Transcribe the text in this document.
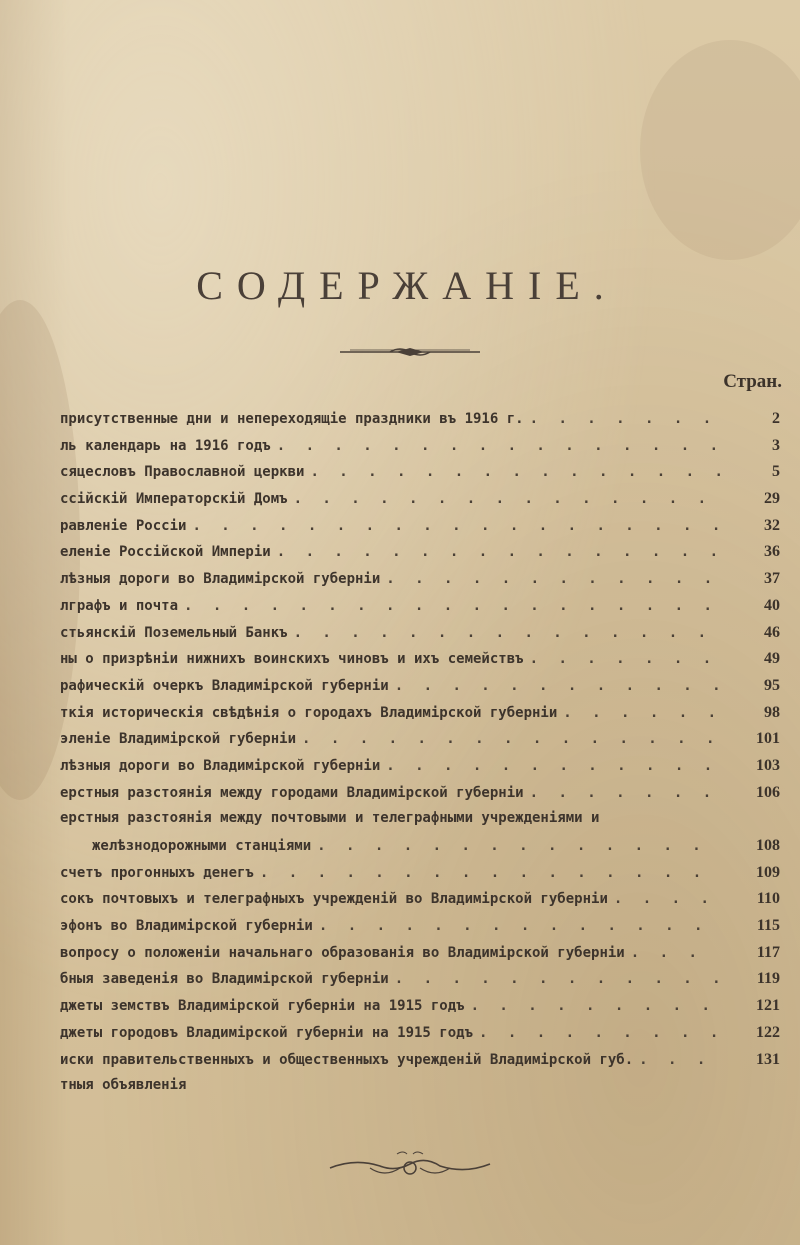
СОДЕРЖАНІЕ.
Стран.
присутственные дни и непереходящіе праздники въ 1916 г. . . .	2
ль календарь на 1916 годъ . . .	3
сяцесловъ Православной церкви . . .	5
ссійскій Императорскій Домъ . . .	29
равленіе Россіи . . .	32
еленіе Россійской Имперіи . . .	36
лѣзныя дороги во Владимірской губерніи . . .	37
лграфъ и почта . . .	40
стьянскій Поземельный Банкъ . . .	46
ны о призрѣніи нижнихъ воинскихъ чиновъ и ихъ семействъ . . .	49
рафическій очеркъ Владимірской губерніи . . .	95
ткія историческія свѣдѣнія о городахъ Владимірской губерніи . . .	98
эленіе Владимірской губерніи . . .	101
лѣзныя дороги во Владимірской губерніи . . .	103
ерстныя разстоянія между городами Владимірской губерніи . . .	106
ерстныя разстоянія между почтовыми и телеграфными учрежденіями и
желѣзнодорожными станціями . . .	108
счетъ прогонныхъ денегъ . . .	109
сокъ почтовыхъ и телеграфныхъ учрежденій во Владимірской губерніи . . .	110
эфонъ во Владимірской губерніи . . .	115
вопросу о положеніи начальнаго образованія во Владимірской губерніи . . .	117
бныя заведенія во Владимірской губерніи . . .	119
джеты земствъ Владимірской губерніи на 1915 годъ . . .	121
джеты городовъ Владимірской губерніи на 1915 годъ . . .	122
иски правительственныхъ и общественныхъ учрежденій Владимірской губ. . . .	131
тныя объявленія
